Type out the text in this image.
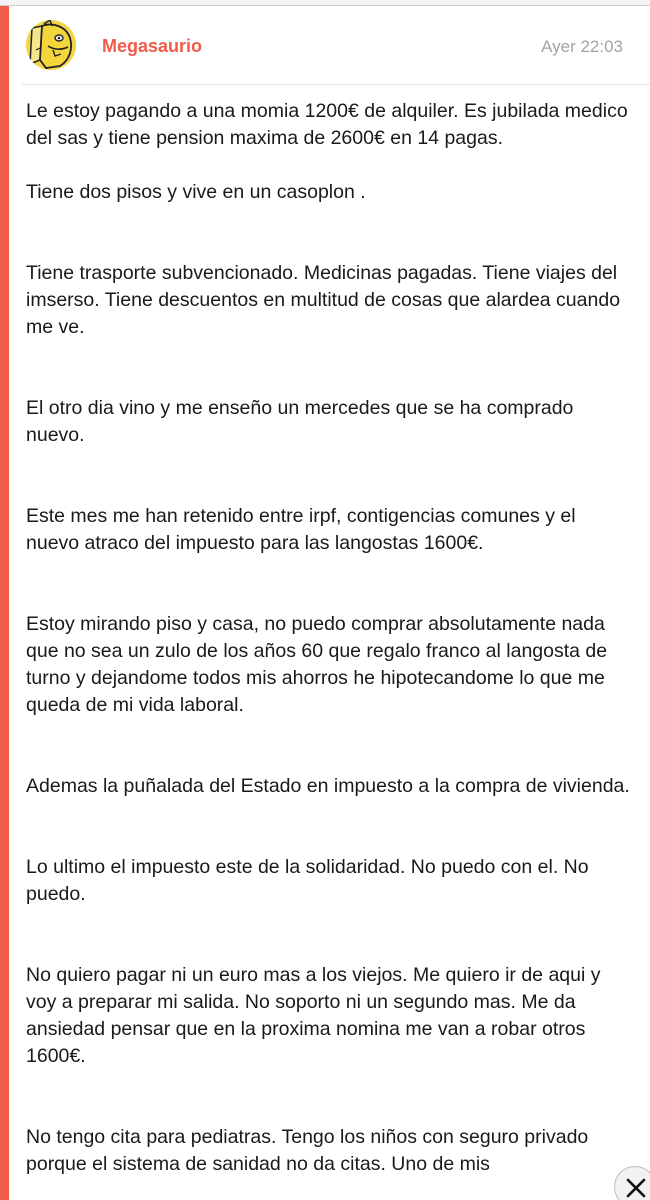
Megasaurio	Ayer 22:03

Le estoy pagando a una momia 1200€ de alquiler. Es jubilada medico del sas y tiene pension maxima de 2600€ en 14 pagas.

Tiene dos pisos y vive en un casoplon .

Tiene trasporte subvencionado. Medicinas pagadas. Tiene viajes del imserso. Tiene descuentos en multitud de cosas que alardea cuando me ve.

El otro dia vino y me enseño un mercedes que se ha comprado nuevo.

Este mes me han retenido entre irpf, contigencias comunes y el nuevo atraco del impuesto para las langostas 1600€.

Estoy mirando piso y casa, no puedo comprar absolutamente nada que no sea un zulo de los años 60 que regalo franco al langosta de turno y dejandome todos mis ahorros he hipotecandome lo que me queda de mi vida laboral.

Ademas la puñalada del Estado en impuesto a la compra de vivienda.

Lo ultimo el impuesto este de la solidaridad. No puedo con el. No puedo.

No quiero pagar ni un euro mas a los viejos. Me quiero ir de aqui y voy a preparar mi salida. No soporto ni un segundo mas. Me da ansiedad pensar que en la proxima nomina me van a robar otros 1600€.

No tengo cita para pediatras. Tengo los niños con seguro privado porque el sistema de sanidad no da citas. Uno de mis
